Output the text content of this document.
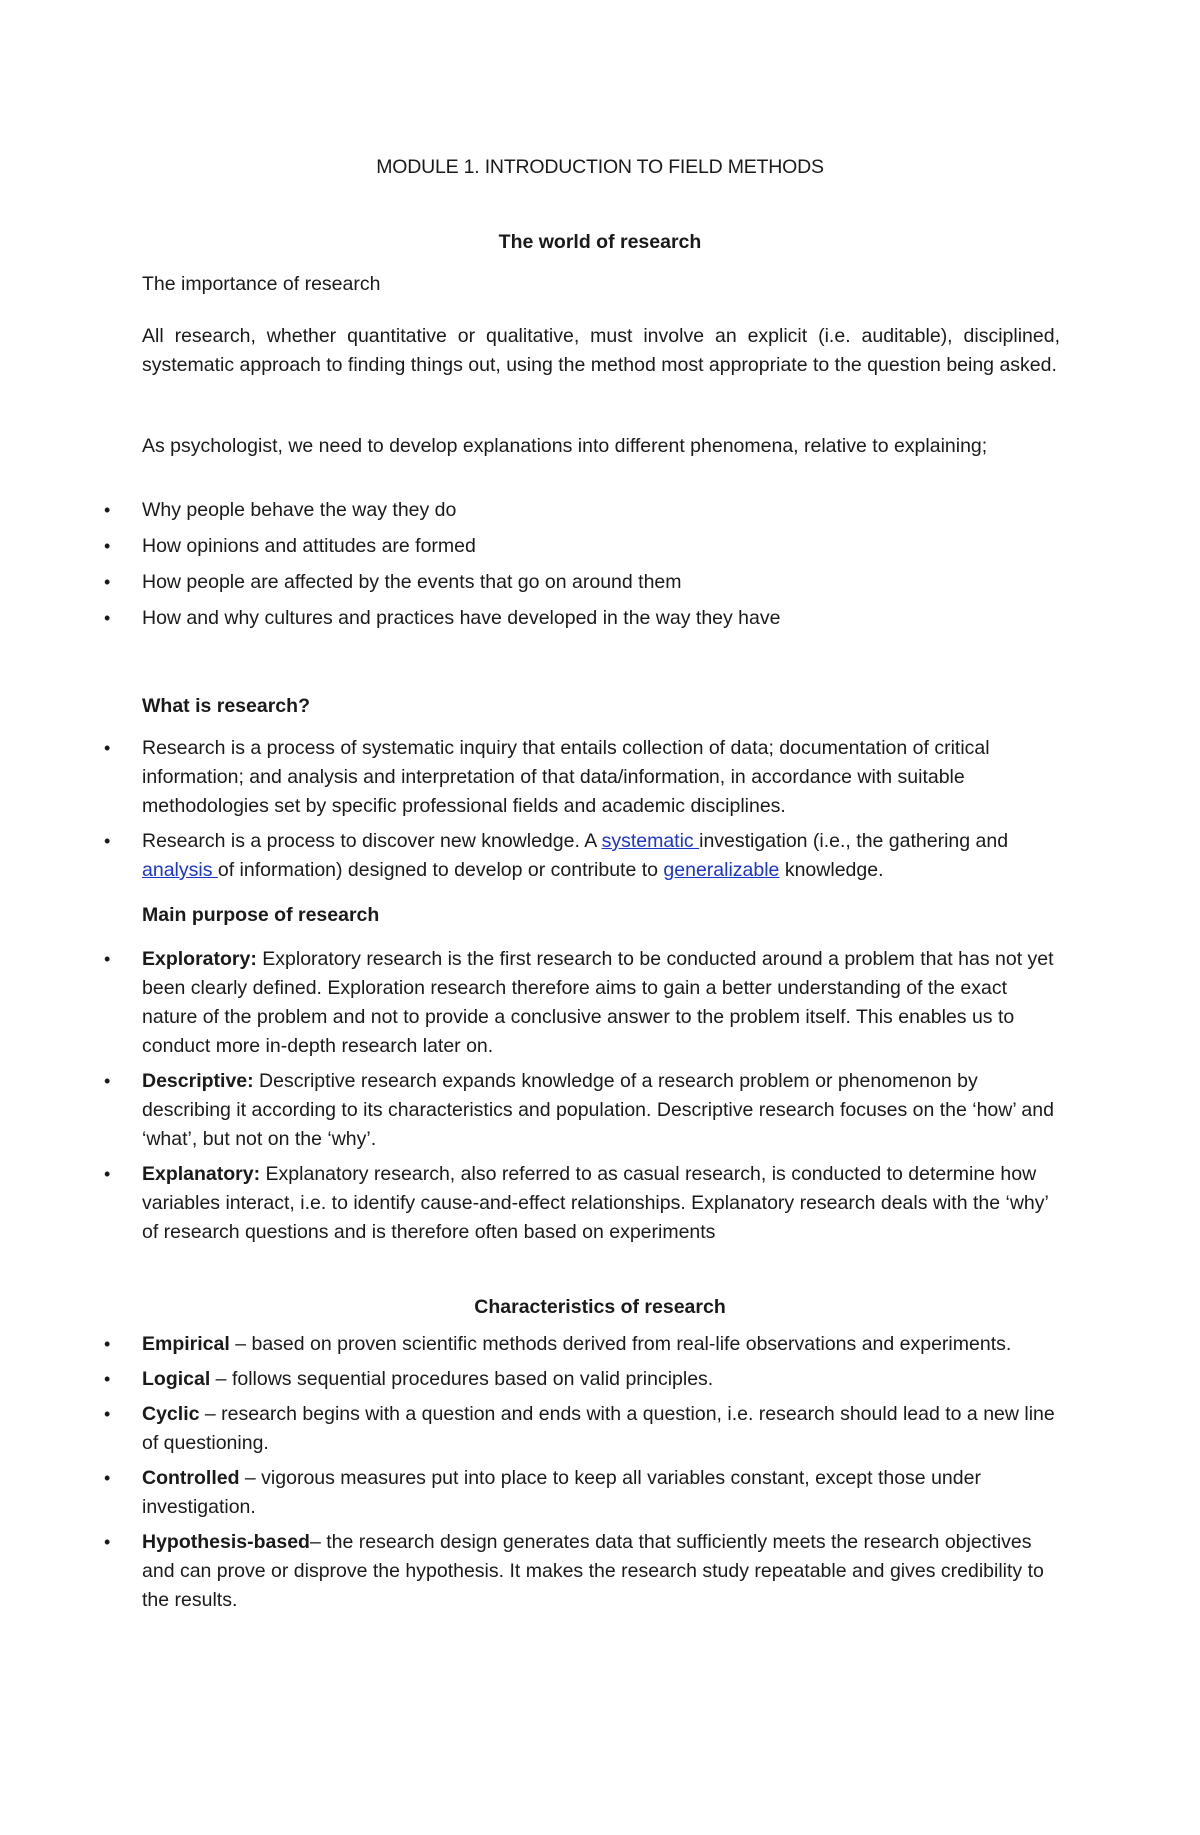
MODULE 1. INTRODUCTION TO FIELD METHODS
The world of research
The importance of research
All research, whether quantitative or qualitative, must involve an explicit (i.e. auditable), disciplined, systematic approach to finding things out, using the method most appropriate to the question being asked.
As psychologist, we need to develop explanations into different phenomena, relative to explaining;
• Why people behave the way they do
• How opinions and attitudes are formed
• How people are affected by the events that go on around them
• How and why cultures and practices have developed in the way they have
What is research?
• Research is a process of systematic inquiry that entails collection of data; documentation of critical information; and analysis and interpretation of that data/information, in accordance with suitable methodologies set by specific professional fields and academic disciplines.
• Research is a process to discover new knowledge. A systematic investigation (i.e., the gathering and analysis of information) designed to develop or contribute to generalizable knowledge.
Main purpose of research
• Exploratory: Exploratory research is the first research to be conducted around a problem that has not yet been clearly defined. Exploration research therefore aims to gain a better understanding of the exact nature of the problem and not to provide a conclusive answer to the problem itself. This enables us to conduct more in-depth research later on.
• Descriptive: Descriptive research expands knowledge of a research problem or phenomenon by describing it according to its characteristics and population. Descriptive research focuses on the ‘how’ and ‘what’, but not on the ‘why’.
• Explanatory: Explanatory research, also referred to as casual research, is conducted to determine how variables interact, i.e. to identify cause-and-effect relationships. Explanatory research deals with the ‘why’ of research questions and is therefore often based on experiments
Characteristics of research
• Empirical – based on proven scientific methods derived from real-life observations and experiments.
• Logical – follows sequential procedures based on valid principles.
• Cyclic – research begins with a question and ends with a question, i.e. research should lead to a new line of questioning.
• Controlled – vigorous measures put into place to keep all variables constant, except those under investigation.
• Hypothesis-based– the research design generates data that sufficiently meets the research objectives and can prove or disprove the hypothesis. It makes the research study repeatable and gives credibility to the results.
